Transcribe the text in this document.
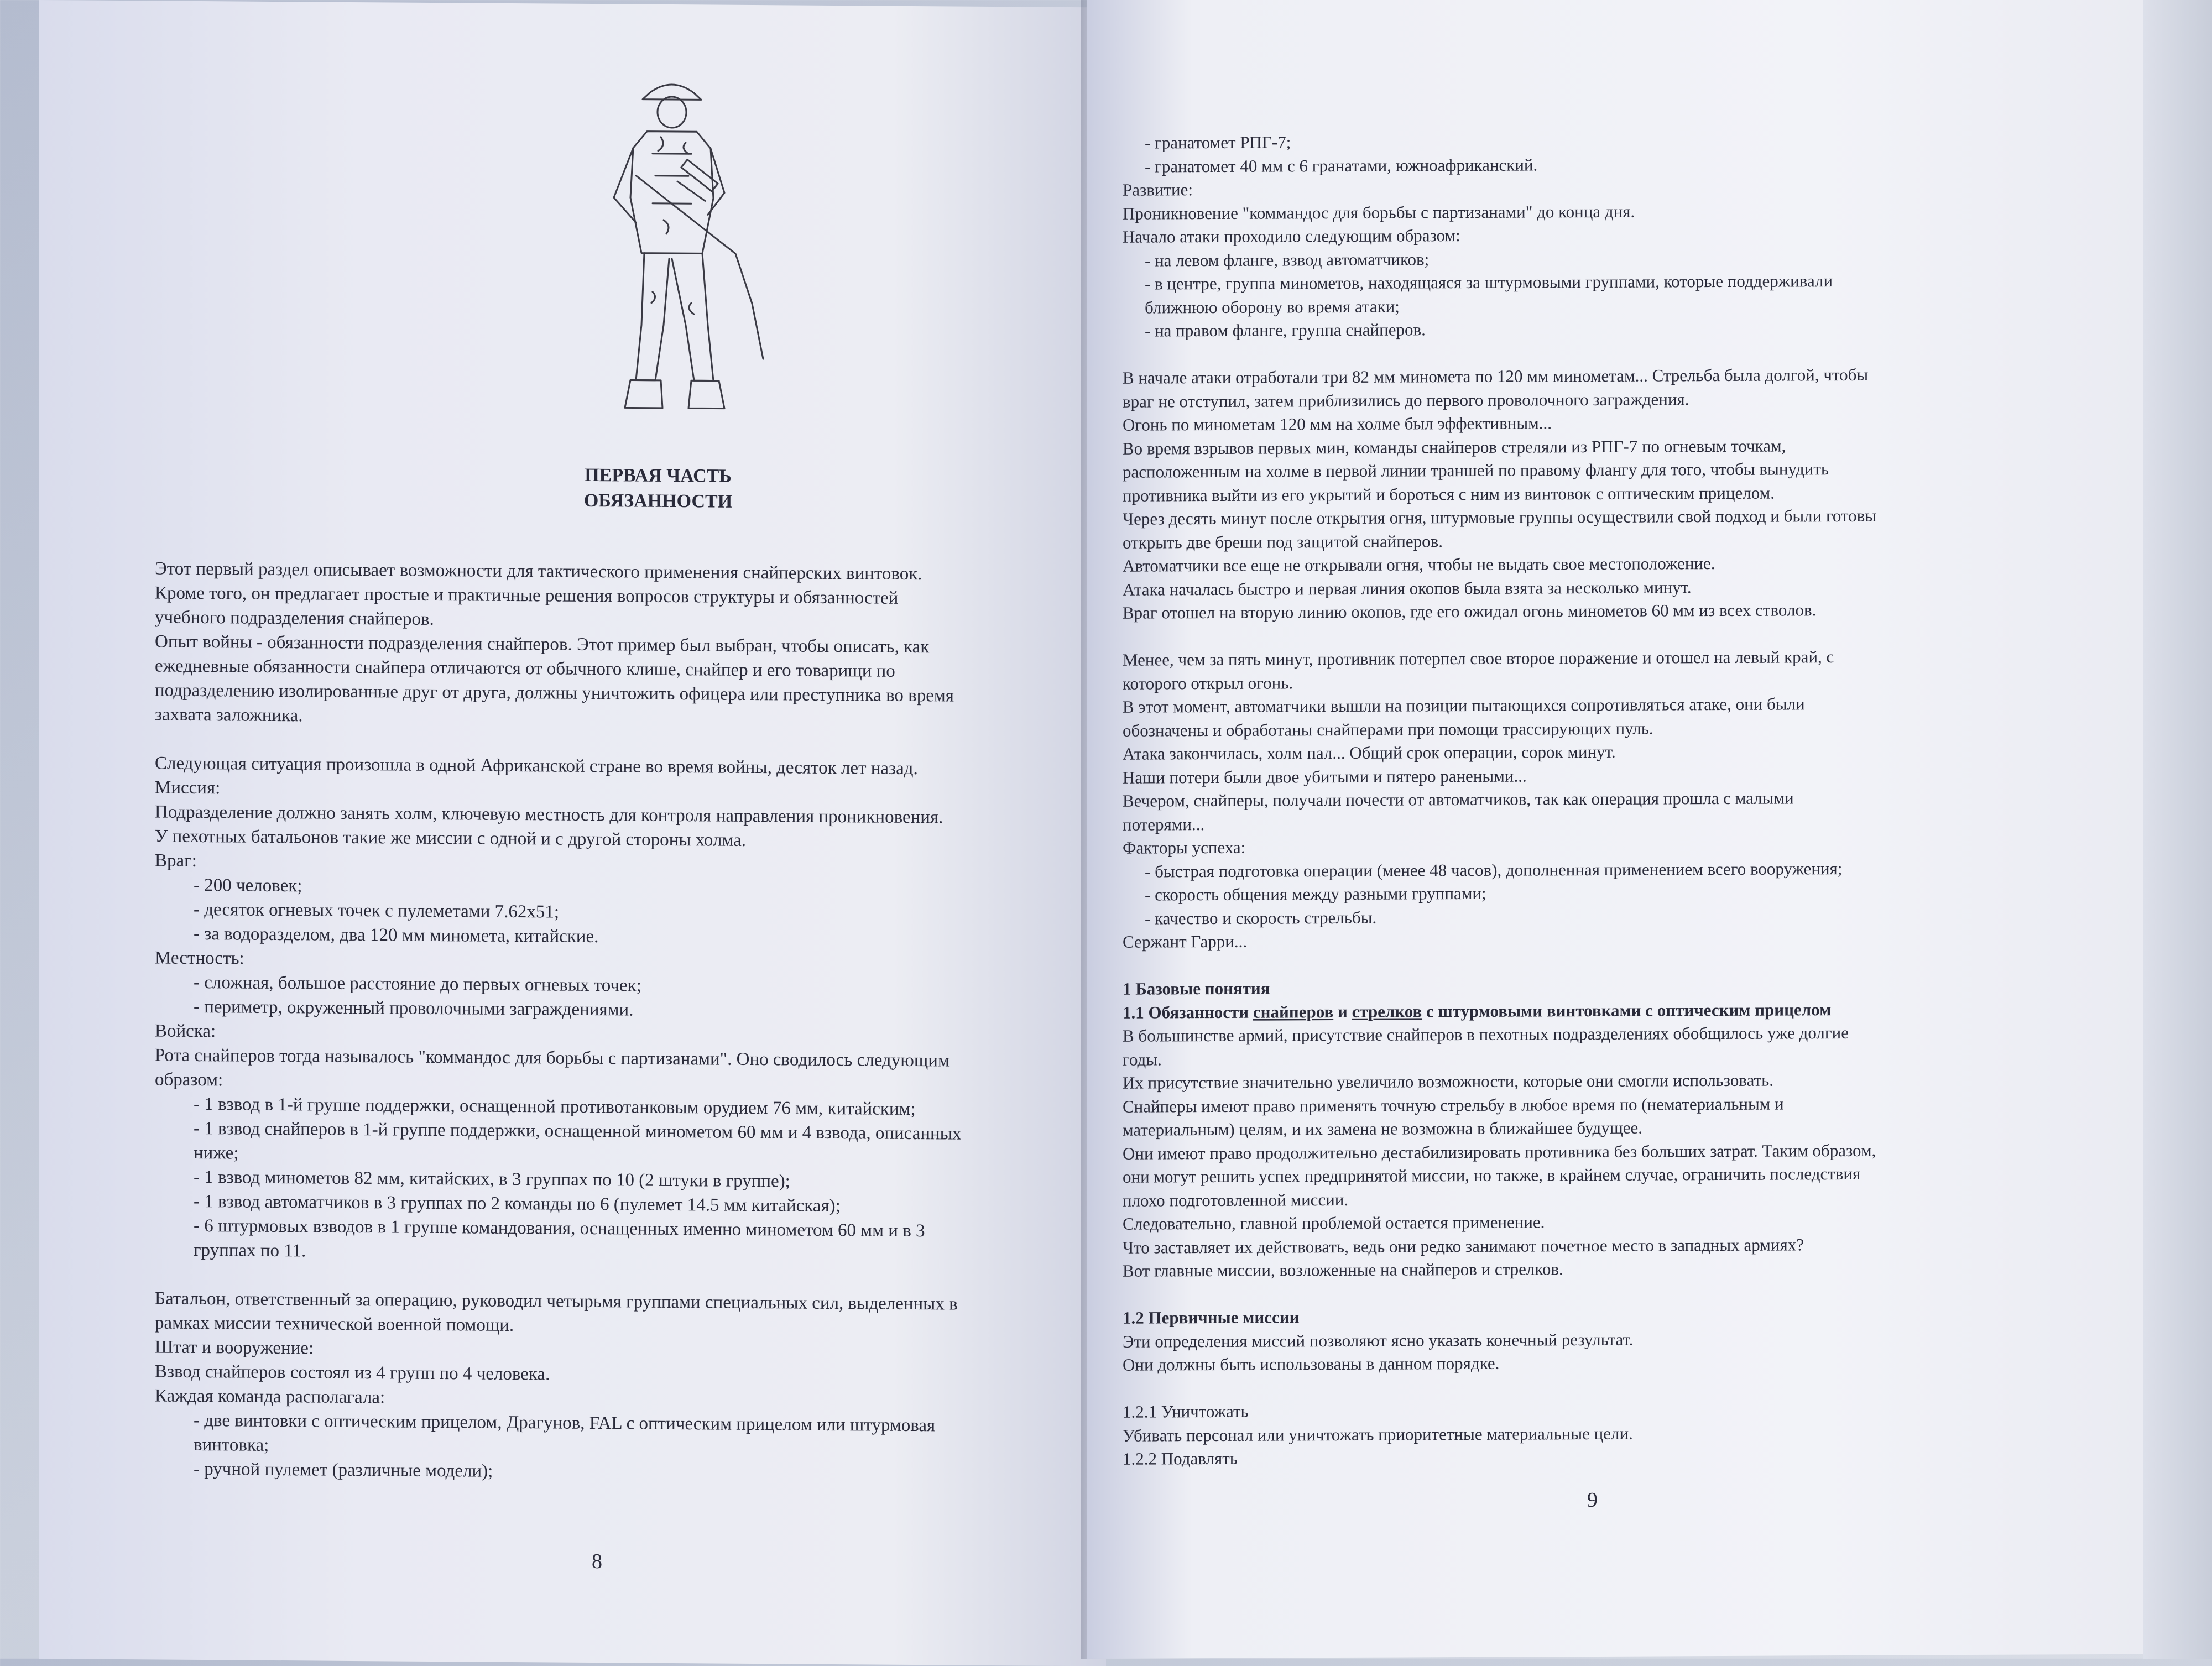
ПЕРВАЯ ЧАСТЬ
ОБЯЗАННОСТИ
Этот первый раздел описывает возможности для тактического применения снайперских винтовок.
Кроме того, он предлагает простые и практичные решения вопросов структуры и обязанностей
учебного подразделения снайперов.
Опыт войны - обязанности подразделения снайперов. Этот пример был выбран, чтобы описать, как
ежедневные обязанности снайпера отличаются от обычного клише, снайпер и его товарищи по
подразделению изолированные друг от друга, должны уничтожить офицера или преступника во время
захвата заложника.
Следующая ситуация произошла в одной Африканской стране во время войны, десяток лет назад.
Миссия:
Подразделение должно занять холм, ключевую местность для контроля направления проникновения.
У пехотных батальонов такие же миссии с одной и с другой стороны холма.
Враг:
- 200 человек;
- десяток огневых точек с пулеметами 7.62x51;
- за водоразделом, два 120 мм миномета, китайские.
Местность:
- сложная, большое расстояние до первых огневых точек;
- периметр, окруженный проволочными заграждениями.
Войска:
Рота снайперов тогда называлось "коммандос для борьбы с партизанами". Оно сводилось следующим
образом:
- 1 взвод в 1-й группе поддержки, оснащенной противотанковым орудием 76 мм, китайским;
- 1 взвод снайперов в 1-й группе поддержки, оснащенной минометом 60 мм и 4 взвода, описанных
ниже;
- 1 взвод минометов 82 мм, китайских, в 3 группах по 10 (2 штуки в группе);
- 1 взвод автоматчиков в 3 группах по 2 команды по 6 (пулемет 14.5 мм китайская);
- 6 штурмовых взводов в 1 группе командования, оснащенных именно минометом 60 мм и в 3
группах по 11.
Батальон, ответственный за операцию, руководил четырьмя группами специальных сил, выделенных в
рамках миссии технической военной помощи.
Штат и вооружение:
Взвод снайперов состоял из 4 групп по 4 человека.
Каждая команда располагала:
- две винтовки с оптическим прицелом, Драгунов, FAL с оптическим прицелом или штурмовая
винтовка;
- ручной пулемет (различные модели);
8
- гранатомет РПГ-7;
- гранатомет 40 мм с 6 гранатами, южноафриканский.
Развитие:
Проникновение "коммандос для борьбы с партизанами" до конца дня.
Начало атаки проходило следующим образом:
- на левом фланге, взвод автоматчиков;
- в центре, группа минометов, находящаяся за штурмовыми группами, которые поддерживали
ближнюю оборону во время атаки;
- на правом фланге, группа снайперов.
В начале атаки отработали три 82 мм миномета по 120 мм минометам... Стрельба была долгой, чтобы
враг не отступил, затем приблизились до первого проволочного заграждения.
Огонь по минометам 120 мм на холме был эффективным...
Во время взрывов первых мин, команды снайперов стреляли из РПГ-7 по огневым точкам,
расположенным на холме в первой линии траншей по правому флангу для того, чтобы вынудить
противника выйти из его укрытий и бороться с ним из винтовок с оптическим прицелом.
Через десять минут после открытия огня, штурмовые группы осуществили свой подход и были готовы
открыть две бреши под защитой снайперов.
Автоматчики все еще не открывали огня, чтобы не выдать свое местоположение.
Атака началась быстро и первая линия окопов была взята за несколько минут.
Враг отошел на вторую линию окопов, где его ожидал огонь минометов 60 мм из всех стволов.
Менее, чем за пять минут, противник потерпел свое второе поражение и отошел на левый край, с
которого открыл огонь.
В этот момент, автоматчики вышли на позиции пытающихся сопротивляться атаке, они были
обозначены и обработаны снайперами при помощи трассирующих пуль.
Атака закончилась, холм пал... Общий срок операции, сорок минут.
Наши потери были двое убитыми и пятеро ранеными...
Вечером, снайперы, получали почести от автоматчиков, так как операция прошла с малыми
потерями...
Факторы успеха:
- быстрая подготовка операции (менее 48 часов), дополненная применением всего вооружения;
- скорость общения между разными группами;
- качество и скорость стрельбы.
Сержант Гарри...
1 Базовые понятия
1.1 Обязанности снайперов и стрелков с штурмовыми винтовками с оптическим прицелом
В большинстве армий, присутствие снайперов в пехотных подразделениях обобщилось уже долгие
годы.
Их присутствие значительно увеличило возможности, которые они смогли использовать.
Снайперы имеют право применять точную стрельбу в любое время по (нематериальным и
материальным) целям, и их замена не возможна в ближайшее будущее.
Они имеют право продолжительно дестабилизировать противника без больших затрат. Таким образом,
они могут решить успех предпринятой миссии, но также, в крайнем случае, ограничить последствия
плохо подготовленной миссии.
Следовательно, главной проблемой остается применение.
Что заставляет их действовать, ведь они редко занимают почетное место в западных армиях?
Вот главные миссии, возложенные на снайперов и стрелков.
1.2 Первичные миссии
Эти определения миссий позволяют ясно указать конечный результат.
Они должны быть использованы в данном порядке.
1.2.1 Уничтожать
Убивать персонал или уничтожать приоритетные материальные цели.
1.2.2 Подавлять
9
